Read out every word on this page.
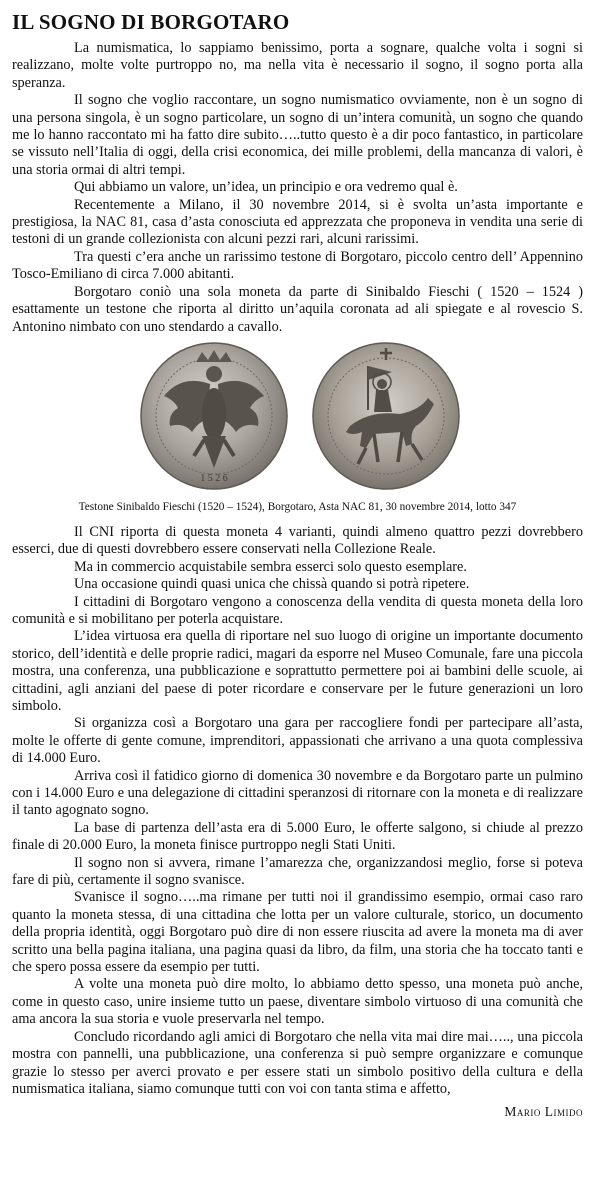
IL SOGNO DI BORGOTARO

La numismatica, lo sappiamo benissimo, porta a sognare, qualche volta i sogni si realizzano, molte volte purtroppo no, ma nella vita è necessario il sogno, il sogno porta alla speranza.

Il sogno che voglio raccontare, un sogno numismatico ovviamente, non è un sogno di una persona singola, è un sogno particolare, un sogno di un’intera comunità, un sogno che quando me lo hanno raccontato mi ha fatto dire subito…..tutto questo è a dir poco fantastico, in particolare se vissuto nell’Italia di oggi, della crisi economica, dei mille problemi, della mancanza di valori, è una storia ormai di altri tempi.

Qui abbiamo un valore, un’idea, un principio e ora vedremo qual è.

Recentemente a Milano, il 30 novembre 2014, si è svolta un’asta importante e prestigiosa, la NAC 81, casa d’asta conosciuta ed apprezzata che proponeva in vendita una serie di testoni di un grande collezionista con alcuni pezzi rari, alcuni rarissimi.

Tra questi c’era anche un rarissimo testone di Borgotaro, piccolo centro dell’ Appennino Tosco-Emiliano di circa 7.000 abitanti.

Borgotaro coniò una sola moneta da parte di Sinibaldo Fieschi ( 1520 – 1524 ) esattamente un testone che riporta al diritto un’aquila coronata ad ali spiegate e al rovescio S. Antonino nimbato con uno stendardo a cavallo.

1 5 2 6
Testone Sinibaldo Fieschi (1520 – 1524), Borgotaro, Asta NAC 81, 30 novembre 2014, lotto 347

Il CNI riporta di questa moneta 4 varianti, quindi almeno quattro pezzi dovrebbero esserci, due di questi dovrebbero essere conservati nella Collezione Reale.

Ma in commercio acquistabile sembra esserci solo questo esemplare.

Una occasione quindi quasi unica che chissà quando si potrà ripetere.

I cittadini di Borgotaro vengono a conoscenza della vendita di questa moneta della loro comunità e si mobilitano per poterla acquistare.

L’idea virtuosa era quella di riportare nel suo luogo di origine un importante documento storico, dell’identità e delle proprie radici, magari da esporre nel Museo Comunale, fare una piccola mostra, una conferenza, una pubblicazione e soprattutto permettere poi ai bambini delle scuole, ai cittadini, agli anziani del paese di poter ricordare e conservare per le future generazioni un loro simbolo.

Si organizza così a Borgotaro una gara per raccogliere fondi per partecipare all’asta, molte le offerte di gente comune, imprenditori, appassionati che arrivano a una quota complessiva di 14.000 Euro.

Arriva così il fatidico giorno di domenica 30 novembre e da Borgotaro parte un pulmino con i 14.000 Euro e una delegazione di cittadini speranzosi di ritornare con la moneta e di realizzare il tanto agognato sogno.

La base di partenza dell’asta era di 5.000 Euro, le offerte salgono, si chiude al prezzo finale di 20.000 Euro, la moneta finisce purtroppo negli Stati Uniti.

Il sogno non si avvera, rimane l’amarezza che, organizzandosi meglio, forse si poteva fare di più, certamente il sogno svanisce.

Svanisce il sogno…..ma rimane per tutti noi il grandissimo esempio, ormai caso raro quanto la moneta stessa, di una cittadina che lotta per un valore culturale, storico, un documento della propria identità, oggi Borgotaro può dire di non essere riuscita ad avere la moneta ma di aver scritto una bella pagina italiana, una pagina quasi da libro, da film, una storia che ha toccato tanti e che spero possa essere da esempio per tutti.

A volte una moneta può dire molto, lo abbiamo detto spesso, una moneta può anche, come in questo caso, unire insieme tutto un paese, diventare simbolo virtuoso di una comunità che ama ancora la sua storia e vuole preservarla nel tempo.

Concludo ricordando agli amici di Borgotaro che nella vita mai dire mai….., una piccola mostra con pannelli, una pubblicazione, una conferenza si può sempre organizzare e comunque grazie lo stesso per averci provato e per essere stati un simbolo positivo della cultura e della numismatica italiana, siamo comunque tutti con voi con tanta stima e affetto,

Mario Limido
